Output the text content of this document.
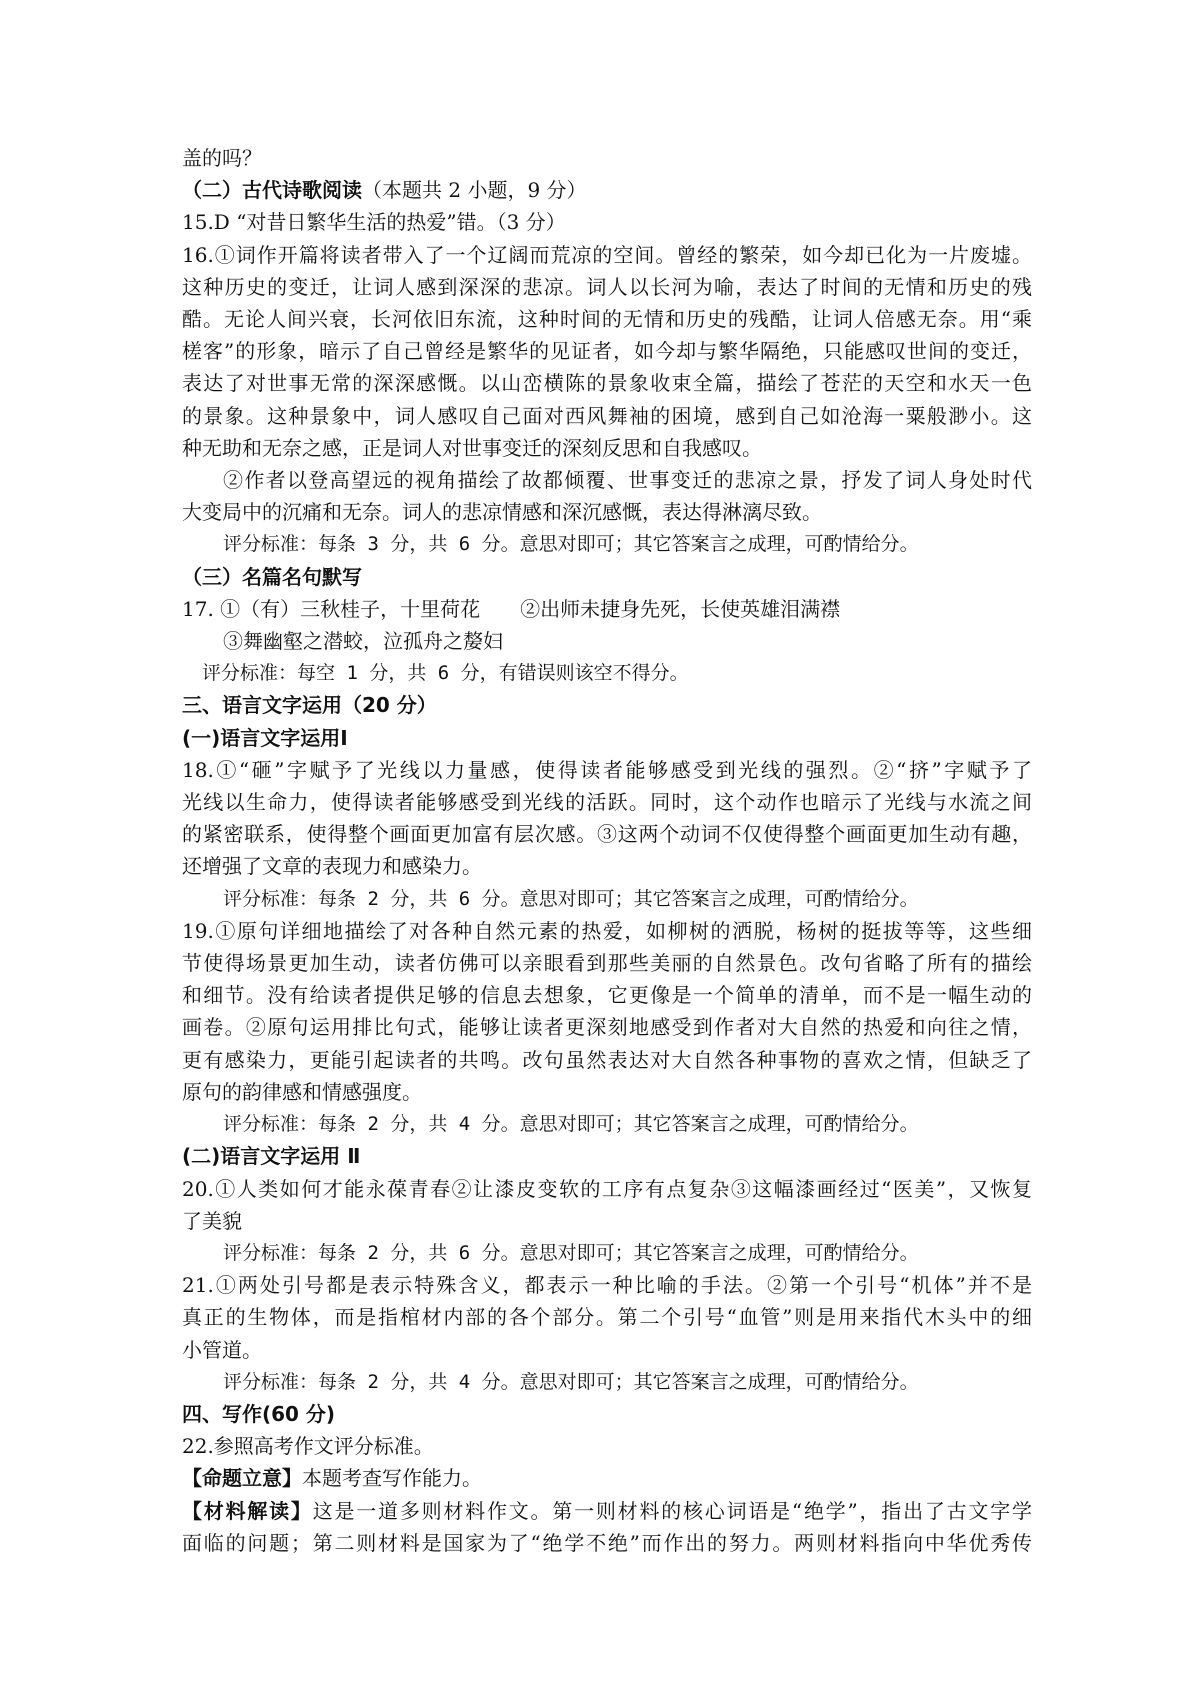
盖的吗？
（二）古代诗歌阅读（本题共 2 小题，9 分）
15.D “对昔日繁华生活的热爱”错。（3 分）
16.①词作开篇将读者带入了一个辽阔而荒凉的空间。曾经的繁荣，如今却已化为一片废墟。
这种历史的变迁，让词人感到深深的悲凉。词人以长河为喻，表达了时间的无情和历史的残
酷。无论人间兴衰，长河依旧东流，这种时间的无情和历史的残酷，让词人倍感无奈。用“乘
槎客”的形象，暗示了自己曾经是繁华的见证者，如今却与繁华隔绝，只能感叹世间的变迁，
表达了对世事无常的深深感慨。以山峦横陈的景象收束全篇，描绘了苍茫的天空和水天一色
的景象。这种景象中，词人感叹自己面对西风舞袖的困境，感到自己如沧海一粟般渺小。这
种无助和无奈之感，正是词人对世事变迁的深刻反思和自我感叹。
②作者以登高望远的视角描绘了故都倾覆、世事变迁的悲凉之景，抒发了词人身处时代
大变局中的沉痛和无奈。词人的悲凉情感和深沉感慨，表达得淋漓尽致。
评分标准：每条 3 分，共 6 分。意思对即可；其它答案言之成理，可酌情给分。
（三）名篇名句默写
17. ①（有）三秋桂子，十里荷花　　②出师未捷身先死，长使英雄泪满襟
③舞幽壑之潜蛟，泣孤舟之嫠妇
评分标准：每空 1 分，共 6 分，有错误则该空不得分。
三、语言文字运用（20 分）
(一)语言文字运用Ⅰ
18.①“砸”字赋予了光线以力量感，使得读者能够感受到光线的强烈。②“挤”字赋予了
光线以生命力，使得读者能够感受到光线的活跃。同时，这个动作也暗示了光线与水流之间
的紧密联系，使得整个画面更加富有层次感。③这两个动词不仅使得整个画面更加生动有趣，
还增强了文章的表现力和感染力。
评分标准：每条 2 分，共 6 分。意思对即可；其它答案言之成理，可酌情给分。
19.①原句详细地描绘了对各种自然元素的热爱，如柳树的洒脱，杨树的挺拔等等，这些细
节使得场景更加生动，读者仿佛可以亲眼看到那些美丽的自然景色。改句省略了所有的描绘
和细节。没有给读者提供足够的信息去想象，它更像是一个简单的清单，而不是一幅生动的
画卷。②原句运用排比句式，能够让读者更深刻地感受到作者对大自然的热爱和向往之情，
更有感染力，更能引起读者的共鸣。改句虽然表达对大自然各种事物的喜欢之情，但缺乏了
原句的韵律感和情感强度。
评分标准：每条 2 分，共 4 分。意思对即可；其它答案言之成理，可酌情给分。
(二)语言文字运用 Ⅱ
20.①人类如何才能永葆青春②让漆皮变软的工序有点复杂③这幅漆画经过“医美”，又恢复
了美貌
评分标准：每条 2 分，共 6 分。意思对即可；其它答案言之成理，可酌情给分。
21.①两处引号都是表示特殊含义，都表示一种比喻的手法。②第一个引号“机体”并不是
真正的生物体，而是指棺材内部的各个部分。第二个引号“血管”则是用来指代木头中的细
小管道。
评分标准：每条 2 分，共 4 分。意思对即可；其它答案言之成理，可酌情给分。
四、写作(60 分)
22.参照高考作文评分标准。
【命题立意】本题考查写作能力。
【材料解读】这是一道多则材料作文。第一则材料的核心词语是“绝学”，指出了古文字学
面临的问题；第二则材料是国家为了“绝学不绝”而作出的努力。两则材料指向中华优秀传
